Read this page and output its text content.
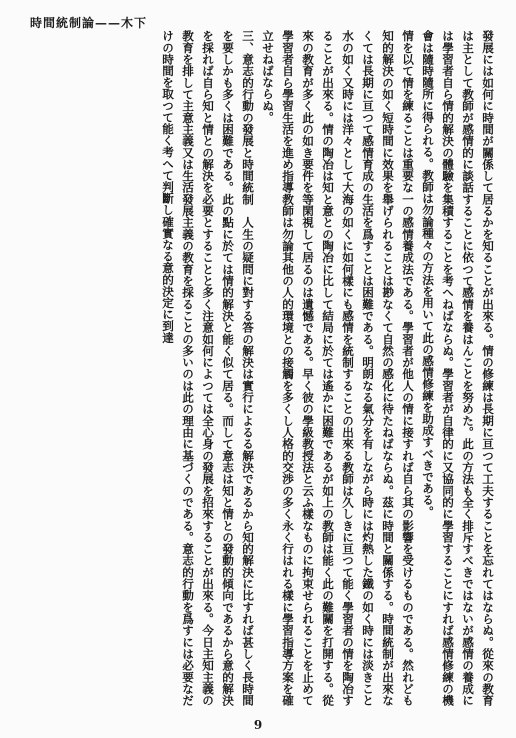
時間統制論——木下

發展には如何に時間が關係して居るかを知ることが出來る。情の修練は長期に亘つて工夫することを忘れてはならぬ。從來の教育は主として教師が感情的に談話することに依つて感情を養はんことを努めた。此の方法も全く排斥すべきではないが感情の養成には學習者自ら情的解決の體驗を集積することを考へねばならぬ。學習者が自律的に又協同的に學習することにすれば感情修練の機會は隨時隨所に得られる。教師は勿論種々の方法を用いて此の感情修練を助成すべきである。

情を以て情を練ることは重要な一の感情養成法である。學習者が他人の情に接すれば自ら其の影響を受けるものである。然れども知的解決の如く短時間に效果を舉げられることは尠なくて自然の感化に待たねばならぬ。茲に時間と關係する。時間統制が出來なくては長期に亘つて感情育成の生活を爲すことは困難である。明朗なる氣分を有しながら時には灼熱した鐵の如く時には淡きこと水の如く又時には洋々として大海の如くに如何樣にも感情を統制することの出來る教師は久しきに亘つて能く學習者の情を陶冶することが出來る。情の陶冶は知と意との陶冶に比して結局に於ては遙かに困難であるが如上の教師は能く此の難關を打開する。從來の教育が多く此の如き要件を等閑視して居るのは遺憾である。早く彼の學級教授法と云ふ樣なものに拘束せられることを止めて學習者自ら學習生活を進め指導教師は勿論其他の人的環境との接觸を多くし人格的交渉の多く永く行はれる樣に學習指導方案を確立せねばならぬ。

三、意志的行動の發展と時間統制　人生の疑問に對する答の解決は實行によるる解決であるから知的解決に比すれば甚しく長時間を要しかも多くは困難である。此の點に於ては情的解決と能く似て居る。而して意志は知と情との發動的傾向であるから意的解決を採れば自ら知と情との解決を必要とすることと多く注意如何によつては全心身の發展を招來することが出來る。今日主知主義の教育を排して主意主義又は生活發展主義の教育を採ることの多いのは此の理由に基づくのである。意志的行動を爲すには必要なだけの時間を取つて能く考へて判斷し確實なる意的決定に到達

9
